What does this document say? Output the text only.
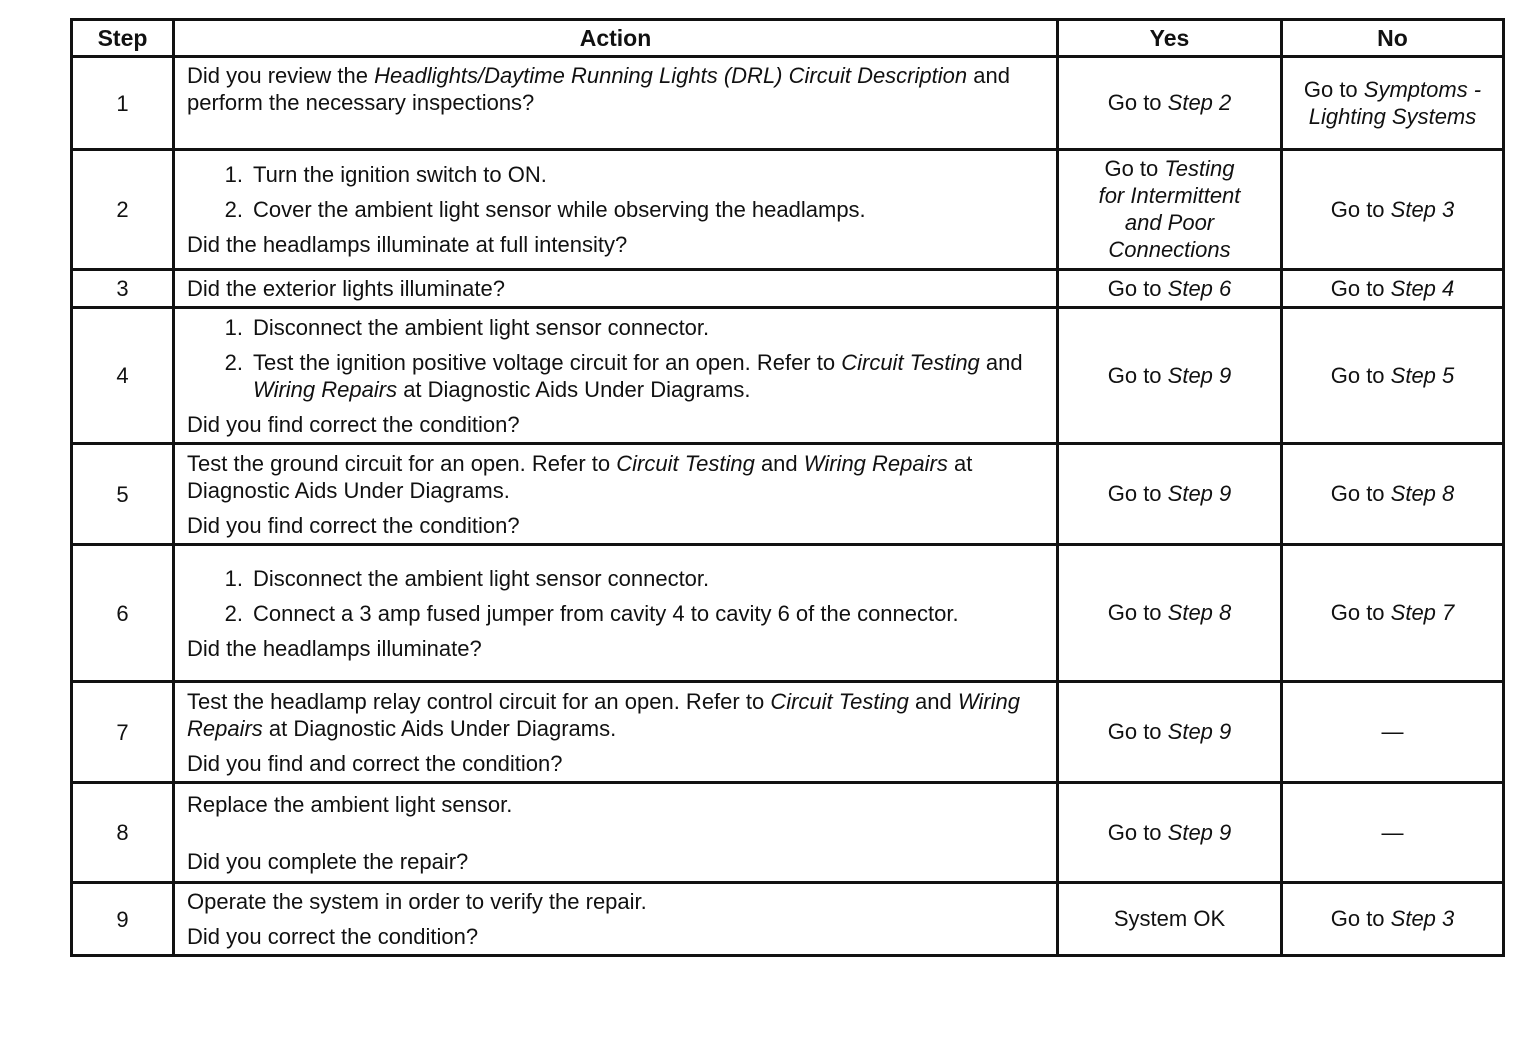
Step	Action	Yes	No
1	Did you review the Headlights/Daytime Running Lights (DRL) Circuit Description and perform the necessary inspections?	Go to Step 2	Go to Symptoms - Lighting Systems
2	1. Turn the ignition switch to ON.
2. Cover the ambient light sensor while observing the headlamps.

Did the headlamps illuminate at full intensity?	Go to Testing for Intermittent and Poor Connections	Go to Step 3
3	Did the exterior lights illuminate?	Go to Step 6	Go to Step 4
4	1. Disconnect the ambient light sensor connector.
2. Test the ignition positive voltage circuit for an open. Refer to Circuit Testing and Wiring Repairs at Diagnostic Aids Under Diagrams.

Did you find correct the condition?	Go to Step 9	Go to Step 5
5	Test the ground circuit for an open. Refer to Circuit Testing and Wiring Repairs at Diagnostic Aids Under Diagrams.

Did you find correct the condition?	Go to Step 9	Go to Step 8
6	1. Disconnect the ambient light sensor connector.
2. Connect a 3 amp fused jumper from cavity 4 to cavity 6 of the connector.

Did the headlamps illuminate?	Go to Step 8	Go to Step 7
7	Test the headlamp relay control circuit for an open. Refer to Circuit Testing and Wiring Repairs at Diagnostic Aids Under Diagrams.

Did you find and correct the condition?	Go to Step 9	—
8	Replace the ambient light sensor.

Did you complete the repair?	Go to Step 9	—
9	Operate the system in order to verify the repair.

Did you correct the condition?	System OK	Go to Step 3
